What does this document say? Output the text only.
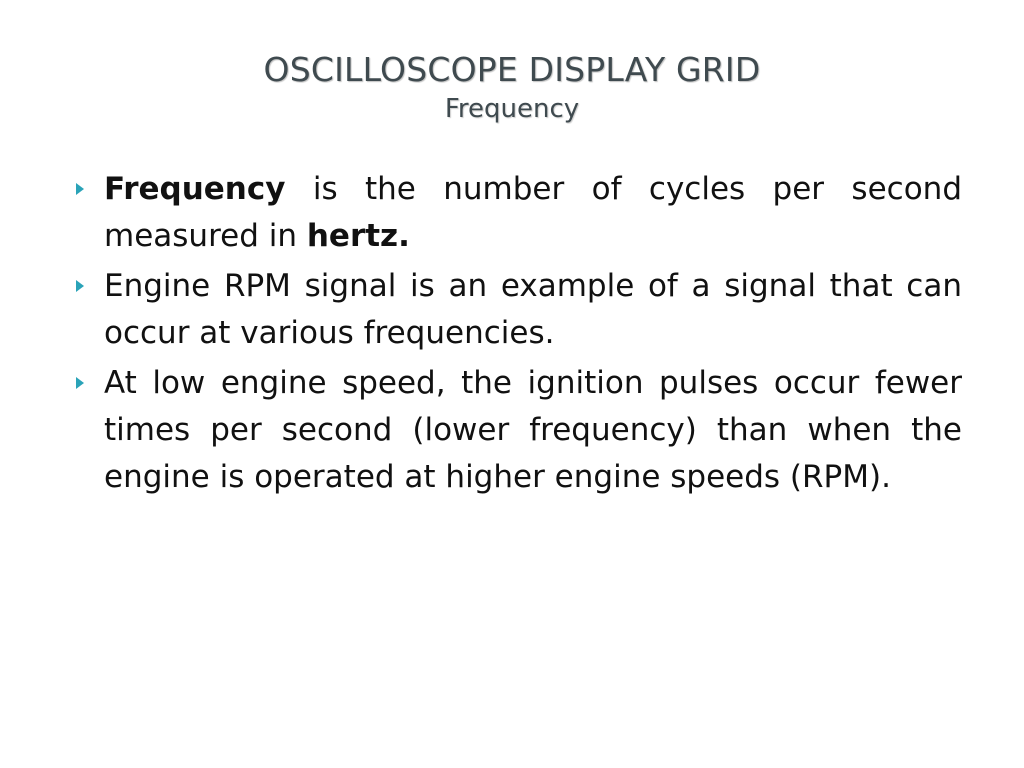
OSCILLOSCOPE DISPLAY GRID
Frequency
Frequency is the number of cycles per second measured in hertz.
Engine RPM signal is an example of a signal that can occur at various frequencies.
At low engine speed, the ignition pulses occur fewer times per second (lower frequency) than when the engine is operated at higher engine speeds (RPM).
